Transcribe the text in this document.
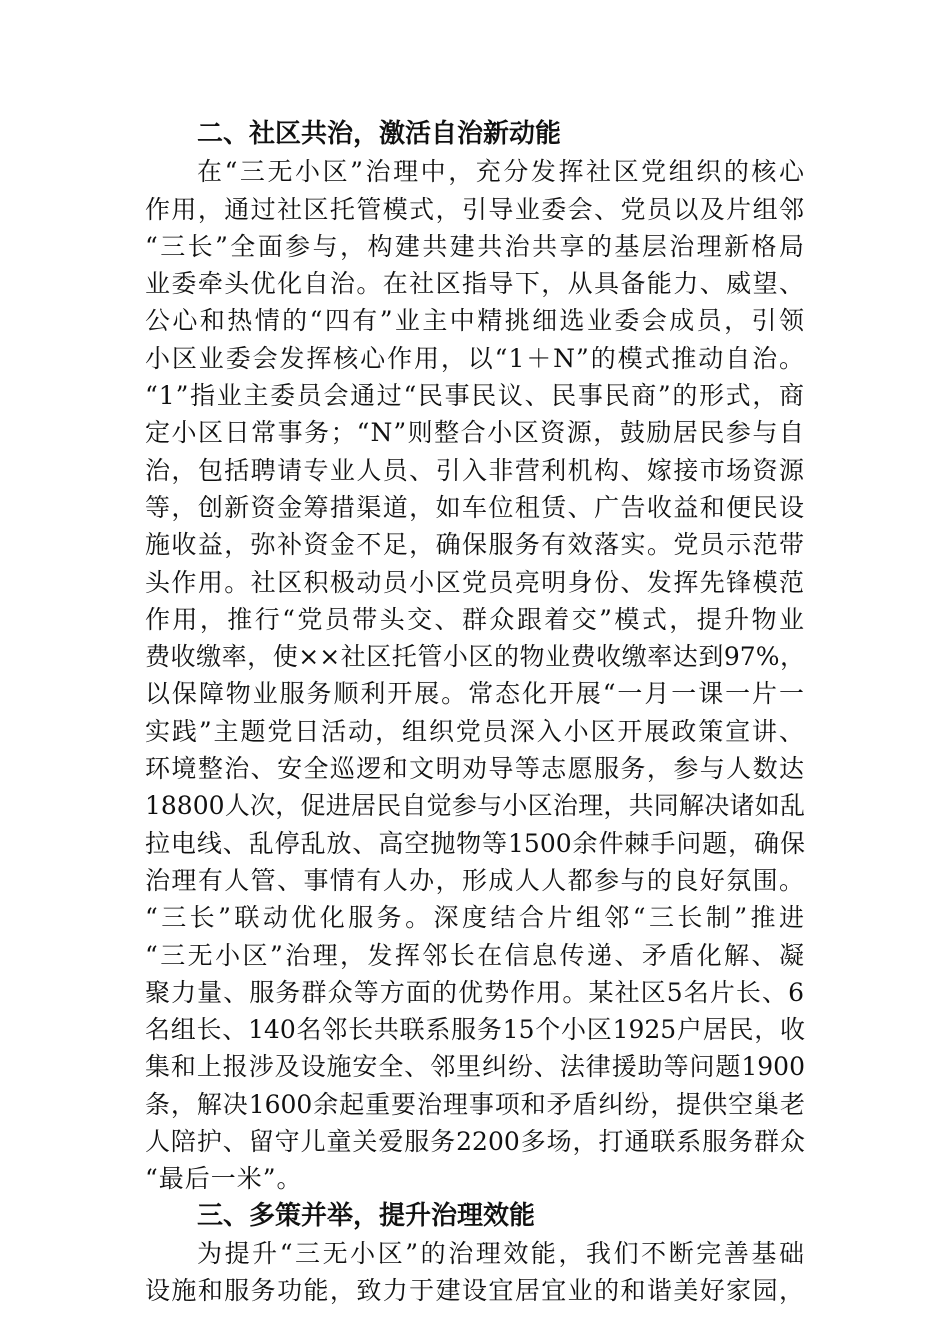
二、社区共治，激活自治新动能
在“三无小区”治理中，充分发挥社区党组织的核心
作用，通过社区托管模式，引导业委会、党员以及片组邻
“三长”全面参与，构建共建共治共享的基层治理新格局
业委牵头优化自治。在社区指导下，从具备能力、威望、
公心和热情的“四有”业主中精挑细选业委会成员，引领
小区业委会发挥核心作用，以“1＋N”的模式推动自治。
“1”指业主委员会通过“民事民议、民事民商”的形式，商
定小区日常事务；“N”则整合小区资源，鼓励居民参与自
治，包括聘请专业人员、引入非营利机构、嫁接市场资源
等，创新资金筹措渠道，如车位租赁、广告收益和便民设
施收益，弥补资金不足，确保服务有效落实。党员示范带
头作用。社区积极动员小区党员亮明身份、发挥先锋模范
作用，推行“党员带头交、群众跟着交”模式，提升物业
费收缴率，使××社区托管小区的物业费收缴率达到97%，
以保障物业服务顺利开展。常态化开展“一月一课一片一
实践”主题党日活动，组织党员深入小区开展政策宣讲、
环境整治、安全巡逻和文明劝导等志愿服务，参与人数达
18800人次，促进居民自觉参与小区治理，共同解决诸如乱
拉电线、乱停乱放、高空抛物等1500余件棘手问题，确保
治理有人管、事情有人办，形成人人都参与的良好氛围。
“三长”联动优化服务。深度结合片组邻“三长制”推进
“三无小区”治理，发挥邻长在信息传递、矛盾化解、凝
聚力量、服务群众等方面的优势作用。某社区5名片长、6
名组长、140名邻长共联系服务15个小区1925户居民，收
集和上报涉及设施安全、邻里纠纷、法律援助等问题1900
条，解决1600余起重要治理事项和矛盾纠纷，提供空巢老
人陪护、留守儿童关爱服务2200多场，打通联系服务群众
“最后一米”。
三、多策并举，提升治理效能
为提升“三无小区”的治理效能，我们不断完善基础
设施和服务功能，致力于建设宜居宜业的和谐美好家园，
